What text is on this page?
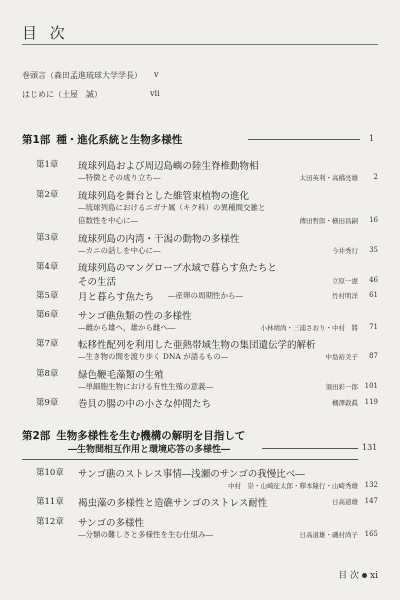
目 次
巻頭言（森田孟進琉球大学学長） v
はじめに（土屋　誠）	vii
第1部 種・進化系統と生物多様性	1
第1章 琉球列島および周辺島嶼の陸生脊椎動物相
―特徴とその成り立ち―	太田英利・高橋亮雄	2
第2章 琉球列島を舞台とした維管束植物の進化
―琉球列島におけるニガナ属（キク科）の異種間交雑と
倍数性を中心に―	傳田哲郎・横田昌嗣	16
第3章 琉球列島の内湾・干潟の動物の多様性
―カニの話しを中心に―	今井秀行	35
第4章 琉球列島のマングローブ水域で暮らす魚たちと
その生活	立原一憲	46
第5章 月と暮らす魚たち ―産卵の周期性から―	竹村明洋	61
第6章 サンゴ礁魚類の性の多様性
―雌から雄へ，雄から雌へ―	小林靖尚・三浦さおり・中村　將	71
第7章 転移性配列を利用した亜熱帯域生物の集団遺伝学的解析
―生き物の間を渡り歩く DNA が語るもの―	中島裕美子	87
第8章 緑色鞭毛藻類の生殖
―単細胞生物における有性生殖の意義―	須田彩一郎 101
第9章 巻貝の腸の中の小さな仲間たち	槻澤敦眞 119
第2部 生物多様性を生む機構の解明を目指して
―生物間相互作用と環境応答の多様性―	131
第10章 サンゴ礁のストレス事情―浅瀬のサンゴの我慢比べ―
中村　崇・山崎征太郎・釋本隆行・山崎秀雄 132
第11章 褐虫藻の多様性と造礁サンゴのストレス耐性	日高道雄 147
第12章 サンゴの多様性
―分類の難しさと多様性を生む仕組み―	日高道雄・磯村尚子 165
目 次 xi
